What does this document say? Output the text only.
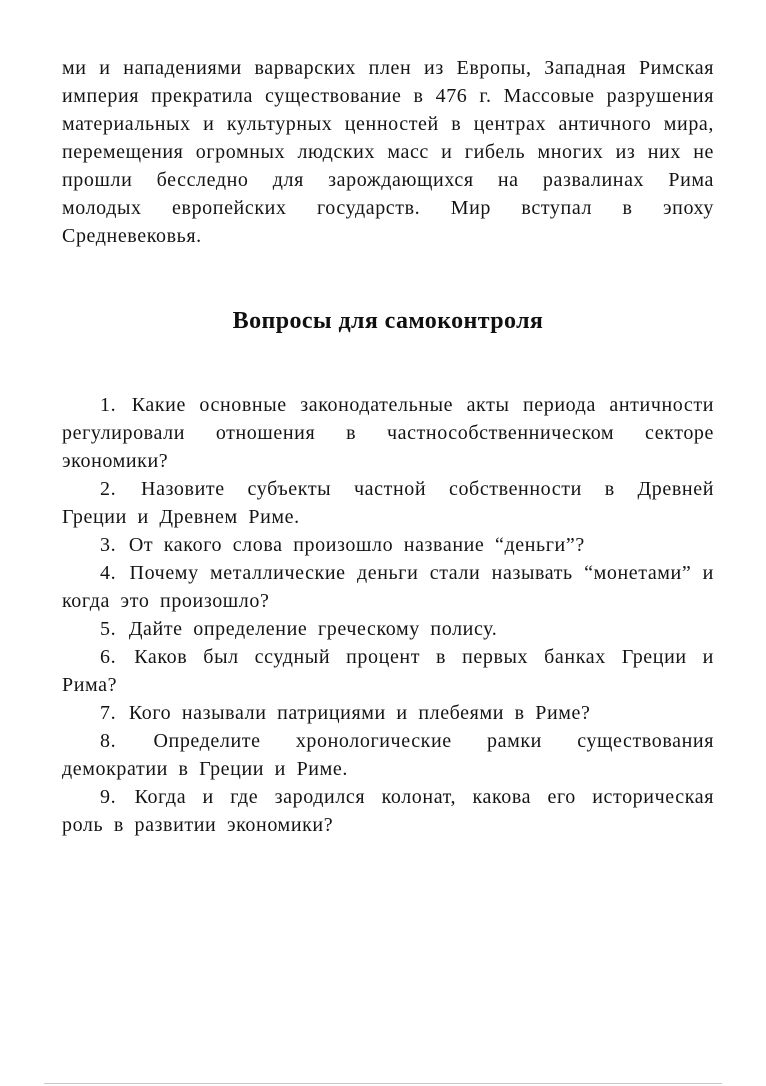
ми и нападениями варварских плен из Европы, Западная Римская империя прекратила существование в 476 г. Массовые разрушения материальных и культурных ценностей в центрах античного мира, перемещения огромных людских масс и гибель многих из них не прошли бесследно для зарождающихся на развалинах Рима молодых европейских государств. Мир вступал в эпоху Средневековья.

Вопросы для самоконтроля

1. Какие основные законодательные акты периода античности регулировали отношения в частнособственническом секторе экономики?

2. Назовите субъекты частной собственности в Древней Греции и Древнем Риме.

3. От какого слова произошло название “деньги”?

4. Почему металлические деньги стали называть “монетами” и когда это произошло?

5. Дайте определение греческому полису.

6. Каков был ссудный процент в первых банках Греции и Рима?

7. Кого называли патрициями и плебеями в Риме?

8. Определите хронологические рамки существования демократии в Греции и Риме.

9. Когда и где зародился колонат, какова его историческая роль в развитии экономики?
